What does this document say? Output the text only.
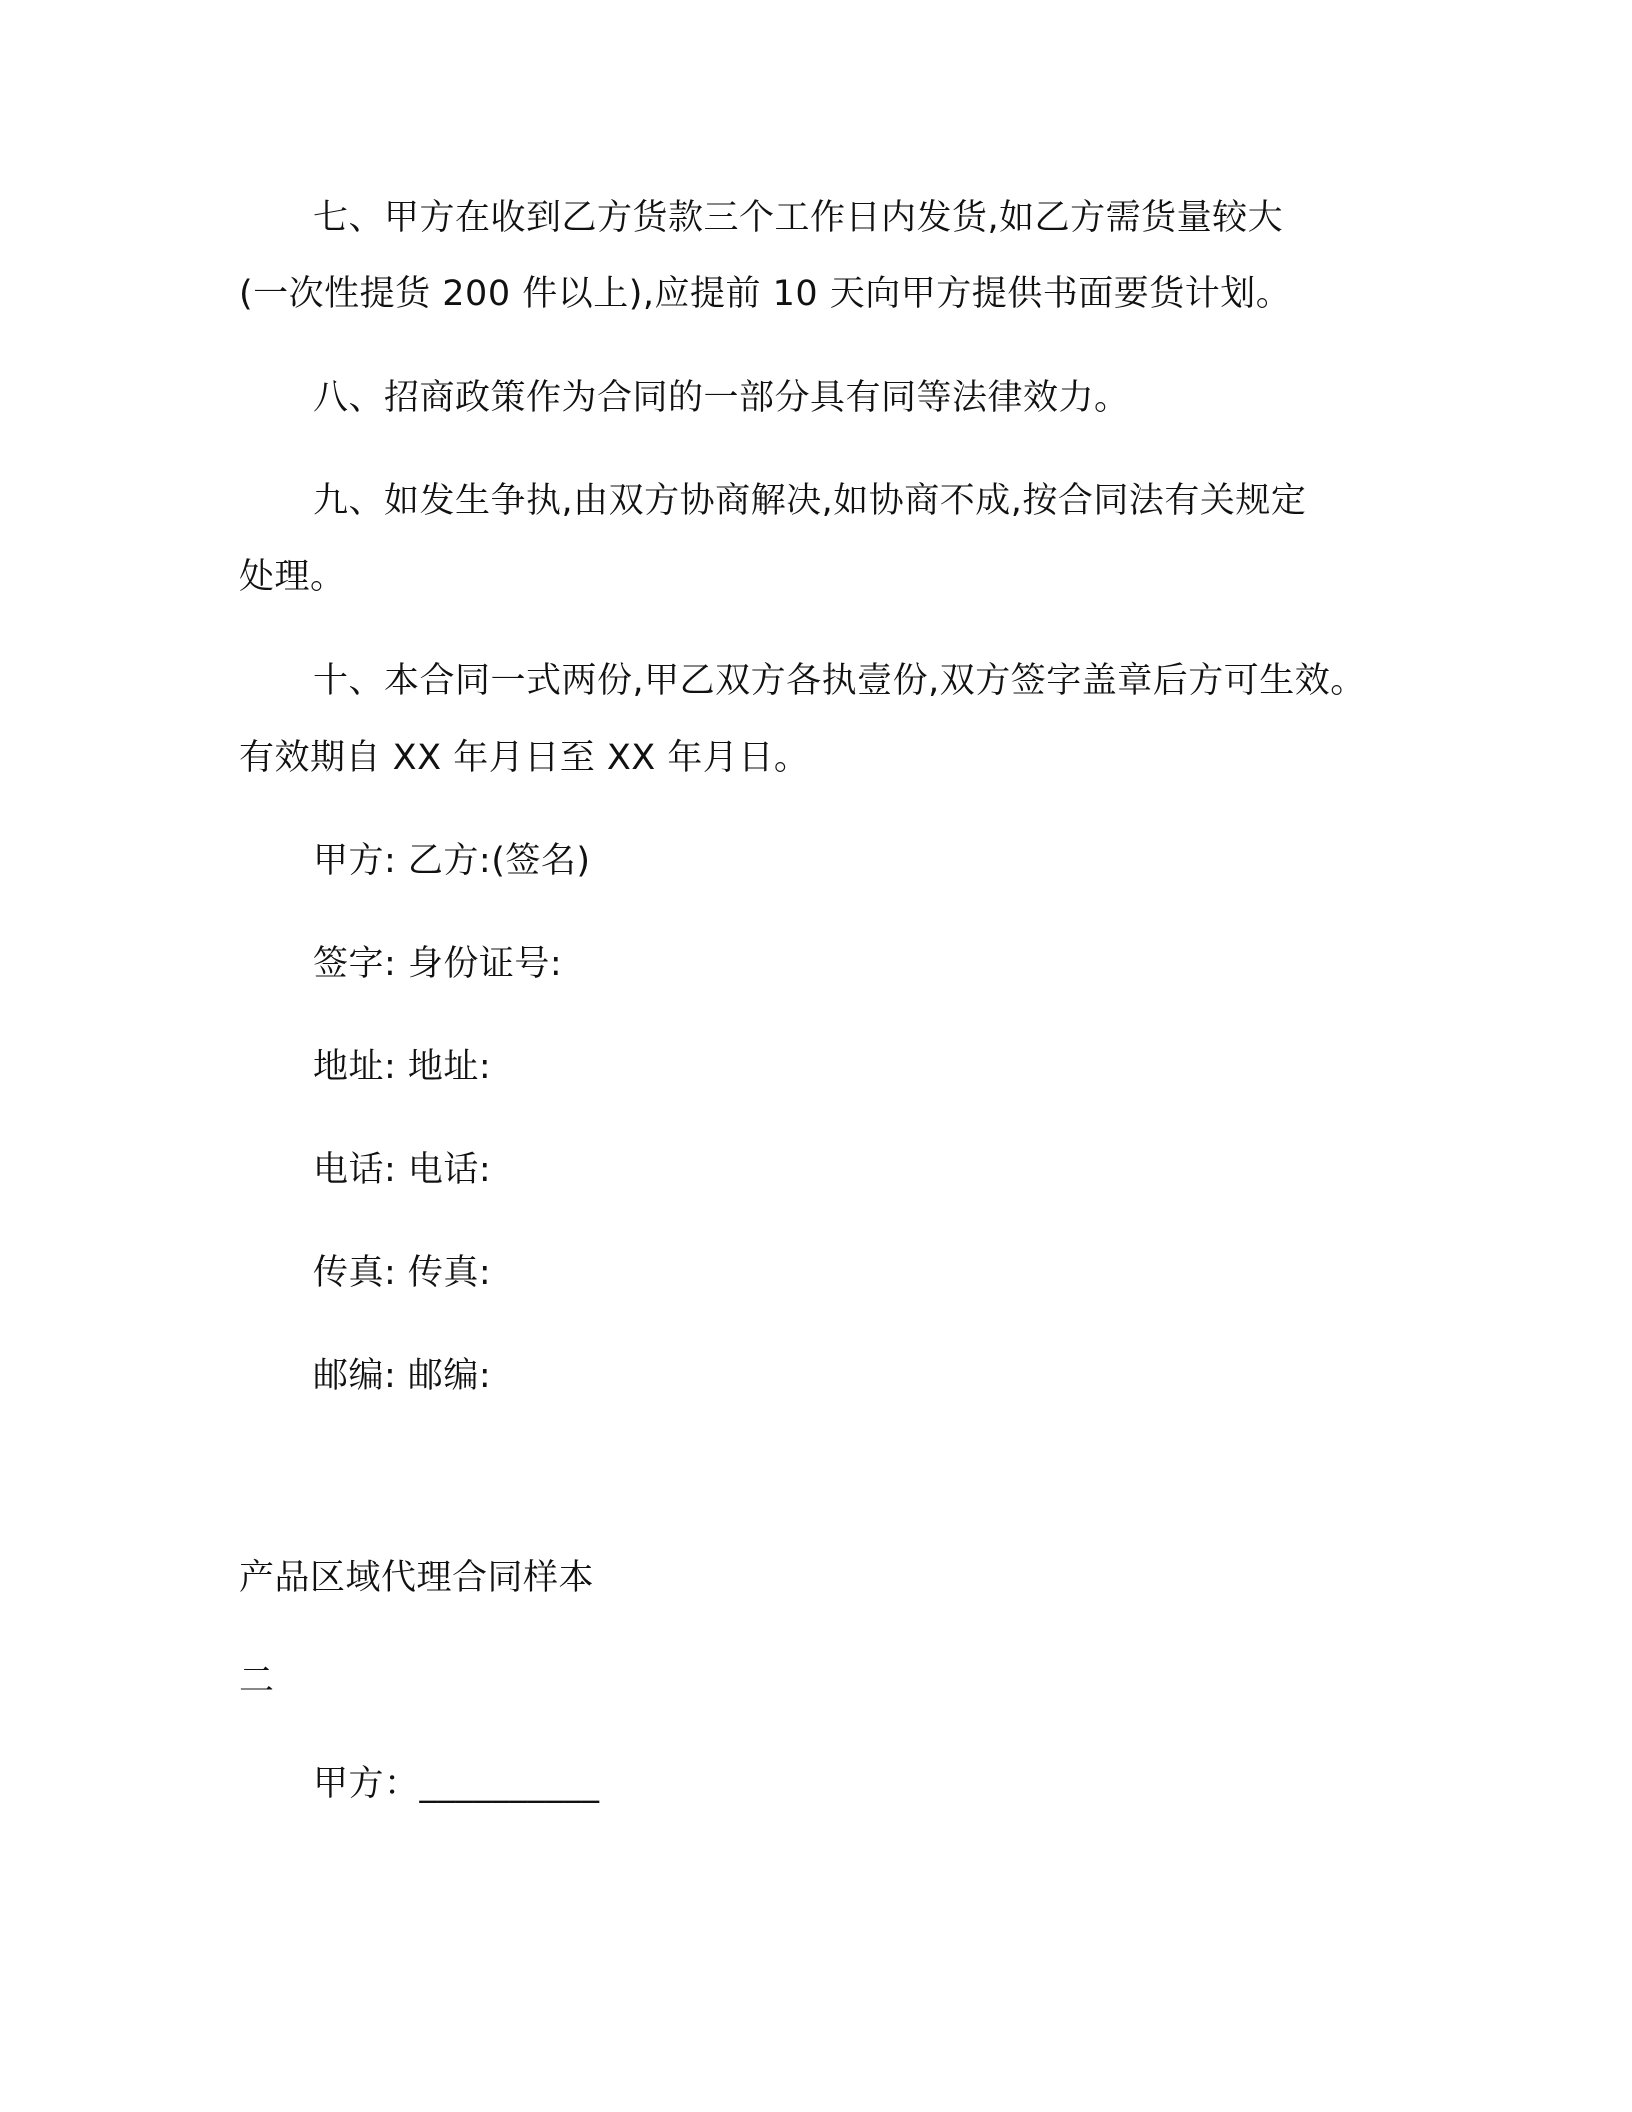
七、甲方在收到乙方货款三个工作日内发货,如乙方需货量较大
(一次性提货 200 件以上),应提前 10 天向甲方提供书面要货计划。
八、招商政策作为合同的一部分具有同等法律效力。
九、如发生争执,由双方协商解决,如协商不成,按合同法有关规定
处理。
十、本合同一式两份,甲乙双方各执壹份,双方签字盖章后方可生效。
有效期自 XX 年月日至 XX 年月日。
甲方: 乙方:(签名)
签字: 身份证号:
地址: 地址:
电话: 电话:
传真: 传真:
邮编: 邮编:
产品区域代理合同样本
二
甲方：__________
